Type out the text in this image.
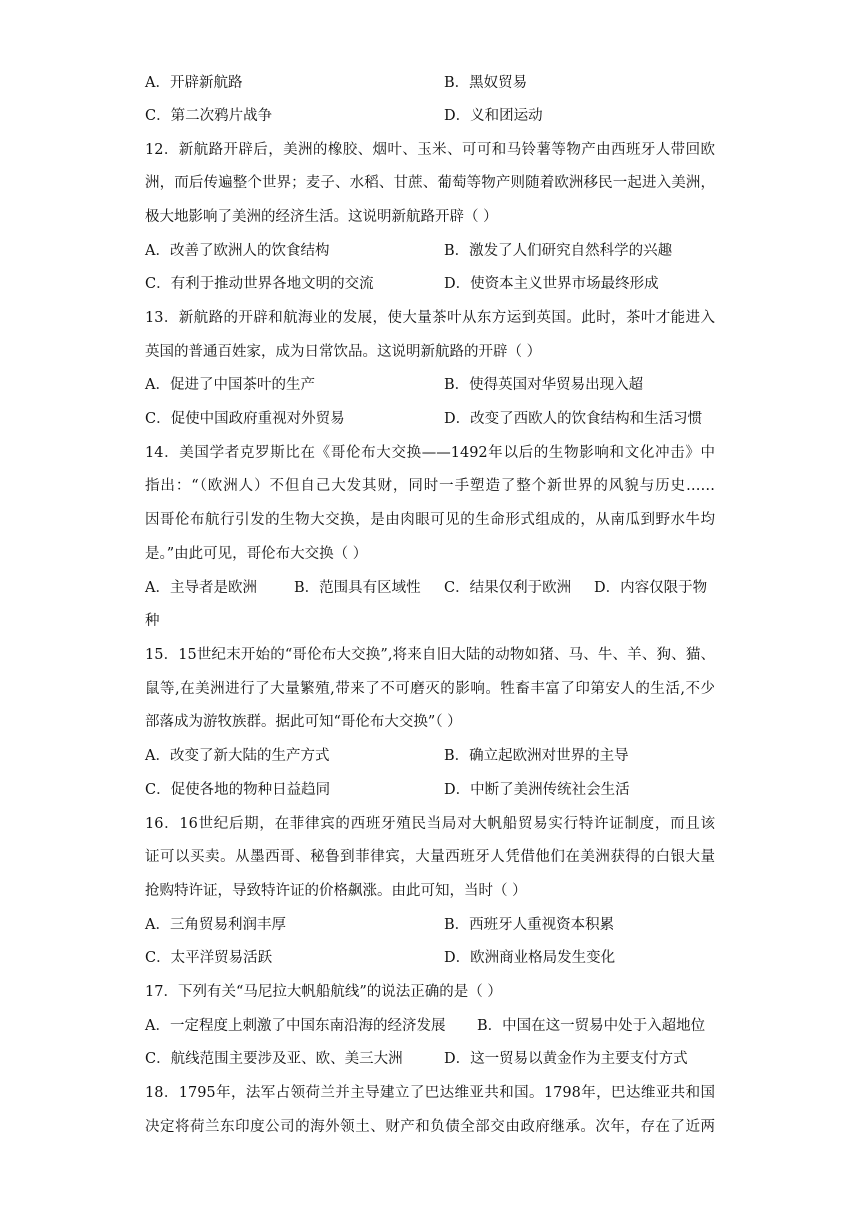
A．开辟新航路	B．黑奴贸易
C．第二次鸦片战争	D．义和团运动
12．新航路开辟后，美洲的橡胶、烟叶、玉米、可可和马铃薯等物产由西班牙人带回欧
洲，而后传遍整个世界；麦子、水稻、甘蔗、葡萄等物产则随着欧洲移民一起进入美洲，
极大地影响了美洲的经济生活。这说明新航路开辟（ ）
A．改善了欧洲人的饮食结构	B．激发了人们研究自然科学的兴趣
C．有利于推动世界各地文明的交流	D．使资本主义世界市场最终形成
13．新航路的开辟和航海业的发展，使大量茶叶从东方运到英国。此时，茶叶才能进入
英国的普通百姓家，成为日常饮品。这说明新航路的开辟（ ）
A．促进了中国茶叶的生产	B．使得英国对华贸易出现入超
C．促使中国政府重视对外贸易	D．改变了西欧人的饮食结构和生活习惯
14．美国学者克罗斯比在《哥伦布大交换——1492年以后的生物影响和文化冲击》中
指出：“（欧洲人）不但自己大发其财，同时一手塑造了整个新世界的风貌与历史……
因哥伦布航行引发的生物大交换，是由肉眼可见的生命形式组成的，从南瓜到野水牛均
是。”由此可见，哥伦布大交换（ ）
A．主导者是欧洲	B．范围具有区域性 C．结果仅利于欧洲 D．内容仅限于物
种
15．15世纪末开始的“哥伦布大交换”,将来自旧大陆的动物如猪、马、牛、羊、狗、猫、
鼠等,在美洲进行了大量繁殖,带来了不可磨灭的影响。牲畜丰富了印第安人的生活,不少
部落成为游牧族群。据此可知“哥伦布大交换”（ ）
A．改变了新大陆的生产方式	B．确立起欧洲对世界的主导
C．促使各地的物种日益趋同	D．中断了美洲传统社会生活
16．16世纪后期，在菲律宾的西班牙殖民当局对大帆船贸易实行特许证制度，而且该
证可以买卖。从墨西哥、秘鲁到菲律宾，大量西班牙人凭借他们在美洲获得的白银大量
抢购特许证，导致特许证的价格飙涨。由此可知，当时（ ）
A．三角贸易利润丰厚	B．西班牙人重视资本积累
C．太平洋贸易活跃	D．欧洲商业格局发生变化
17．下列有关“马尼拉大帆船航线”的说法正确的是（ ）
A．一定程度上刺激了中国东南沿海的经济发展 B．中国在这一贸易中处于入超地位
C．航线范围主要涉及亚、欧、美三大洲	D．这一贸易以黄金作为主要支付方式
18．1795年，法军占领荷兰并主导建立了巴达维亚共和国。1798年，巴达维亚共和国
决定将荷兰东印度公司的海外领土、财产和负债全部交由政府继承。次年，存在了近两
